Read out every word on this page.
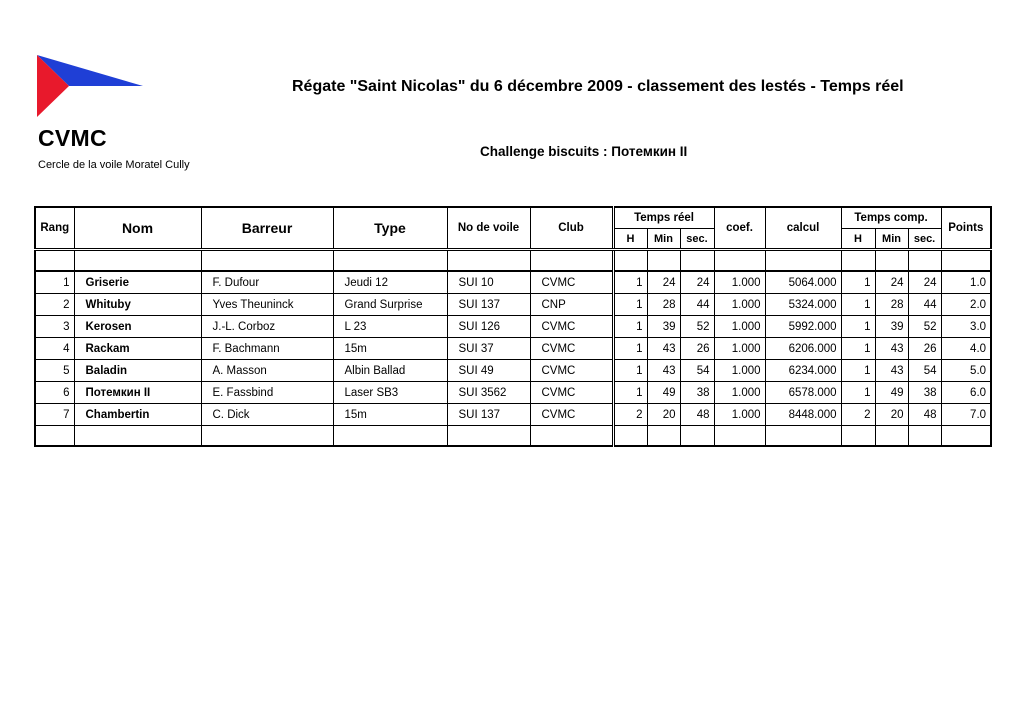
CVMC
Cercle de la voile Moratel Cully
Régate "Saint Nicolas" du 6 décembre 2009 - classement des lestés - Temps réel
Challenge biscuits : Потемкин II
Rang	Nom	Barreur	Type	No de voile	Club	Temps réel			coef.	calcul	Temps comp.			Points
						H	Min	sec.			H	Min	sec.	

1	Griserie	F. Dufour	Jeudi 12	SUI 10	CVMC	1	24	24	1.000	5064.000	1	24	24	1.0
2	Whituby	Yves Theuninck	Grand Surprise	SUI 137	CNP	1	28	44	1.000	5324.000	1	28	44	2.0
3	Kerosen	J.-L. Corboz	L 23	SUI 126	CVMC	1	39	52	1.000	5992.000	1	39	52	3.0
4	Rackam	F. Bachmann	15m	SUI 37	CVMC	1	43	26	1.000	6206.000	1	43	26	4.0
5	Baladin	A. Masson	Albin Ballad	SUI 49	CVMC	1	43	54	1.000	6234.000	1	43	54	5.0
6	Потемкин II	E. Fassbind	Laser SB3	SUI 3562	CVMC	1	49	38	1.000	6578.000	1	49	38	6.0
7	Chambertin	C. Dick	15m	SUI 137	CVMC	2	20	48	1.000	8448.000	2	20	48	7.0
